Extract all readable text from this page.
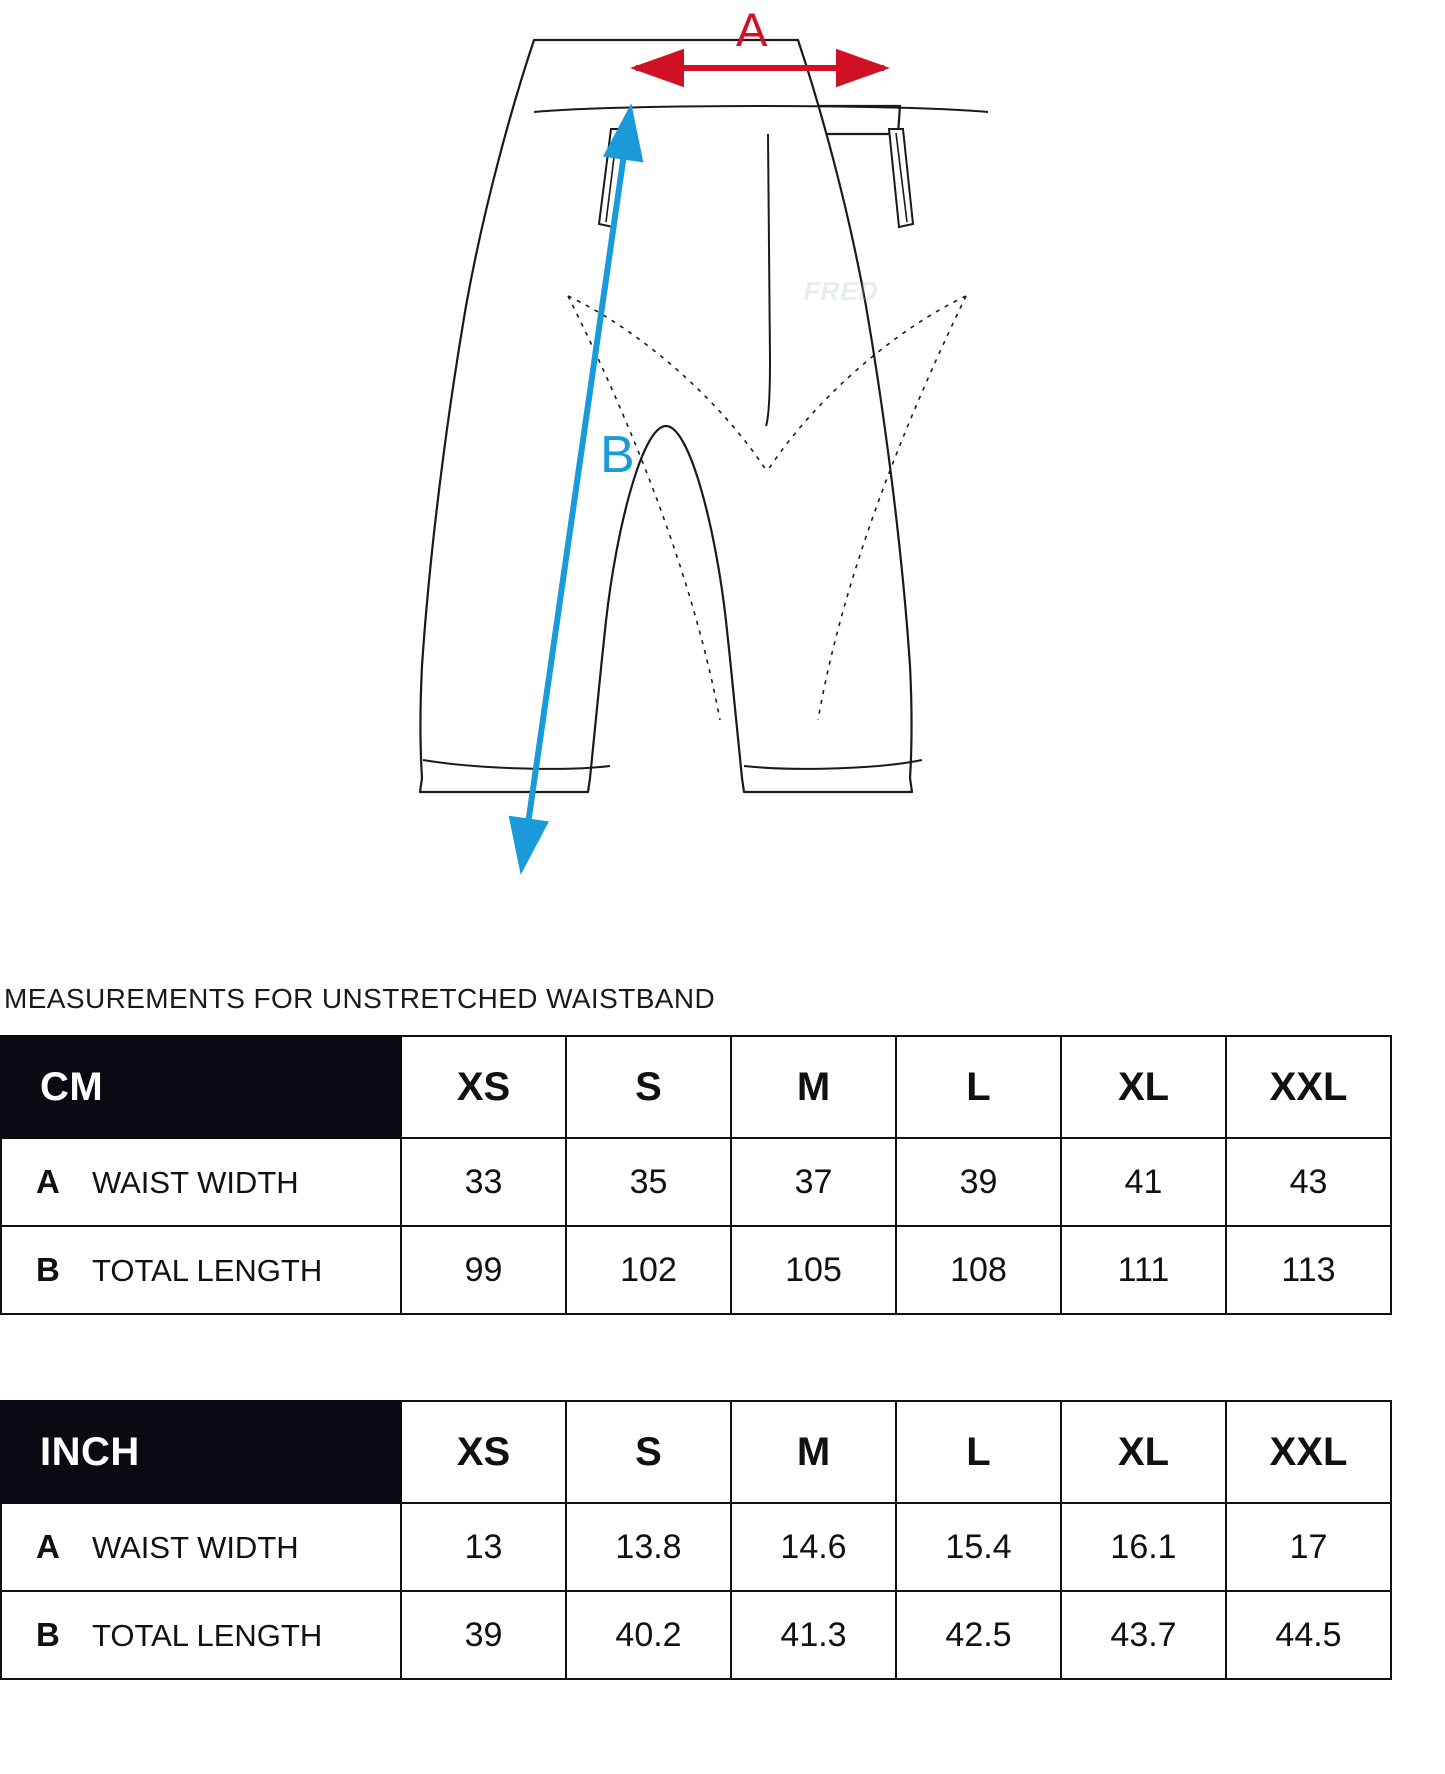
FRED
A
B
MEASUREMENTS FOR UNSTRETCHED WAISTBAND
CM	XS	S	M	L	XL	XXL
A WAIST WIDTH	33	35	37	39	41	43
B TOTAL LENGTH	99	102	105	108	111	113
INCH	XS	S	M	L	XL	XXL
A WAIST WIDTH	13	13.8	14.6	15.4	16.1	17
B TOTAL LENGTH	39	40.2	41.3	42.5	43.7	44.5
